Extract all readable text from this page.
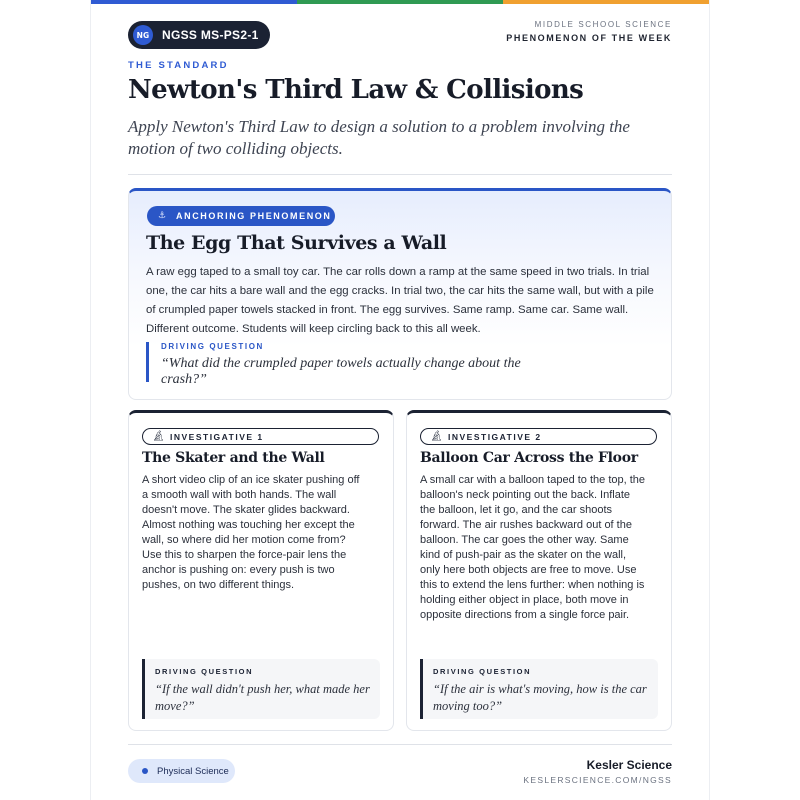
NG NGSS MS-PS2-1
MIDDLE SCHOOL SCIENCE
PHENOMENON OF THE WEEK
THE STANDARD
Newton's Third Law & Collisions

Apply Newton's Third Law to design a solution to a problem involving the motion of two colliding objects.

⚓	ANCHORING PHENOMENON
The Egg That Survives a Wall

A raw egg taped to a small toy car. The car rolls down a ramp at the same speed in two trials. In trial one, the car hits a bare wall and the egg cracks. In trial two, the car hits the same wall, but with a pile of crumpled paper towels stacked in front. The egg survives. Same ramp. Same car. Same wall. Different outcome. Students will keep circling back to this all week.

DRIVING QUESTION
“What did the crumpled paper towels actually change about the crash?”
🔬︎ INVESTIGATIVE 1
The Skater and the Wall

A short video clip of an ice skater pushing off a smooth wall with both hands. The wall doesn't move. The skater glides backward. Almost nothing was touching her except the wall, so where did her motion come from? Use this to sharpen the force-pair lens the anchor is pushing on: every push is two pushes, on two different things.

DRIVING QUESTION
“If the wall didn't push her, what made her move?”
🔬︎ INVESTIGATIVE 2
Balloon Car Across the Floor

A small car with a balloon taped to the top, the balloon's neck pointing out the back. Inflate the balloon, let it go, and the car shoots forward. The air rushes backward out of the balloon. The car goes the other way. Same kind of push-pair as the skater on the wall, only here both objects are free to move. Use this to extend the lens further: when nothing is holding either object in place, both move in opposite directions from a single force pair.

DRIVING QUESTION
“If the air is what's moving, how is the car moving too?”
Physical Science	Kesler Science
KESLERSCIENCE.COM/NGSS
